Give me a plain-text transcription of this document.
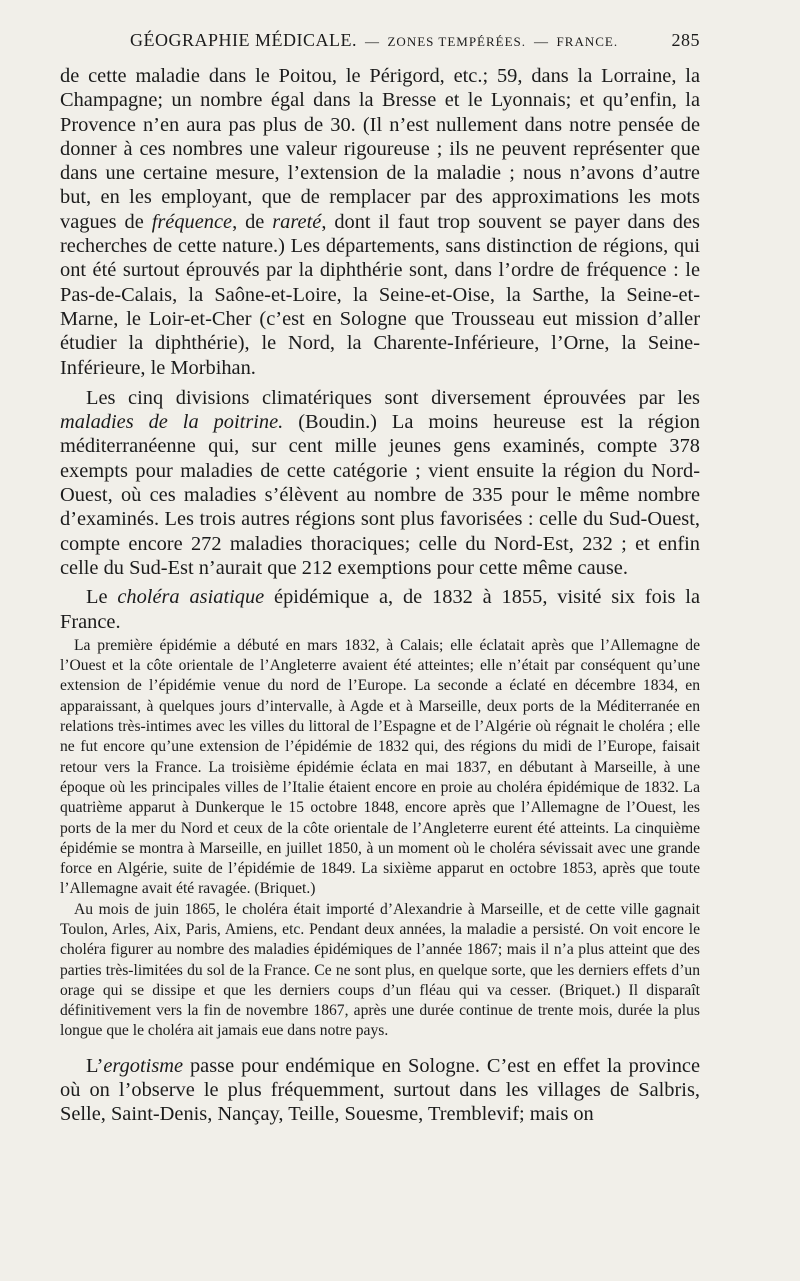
GÉOGRAPHIE MÉDICALE. — ZONES TEMPÉRÉES. — FRANCE.	285

de cette maladie dans le Poitou, le Périgord, etc.; 59, dans la Lorraine, la Champagne; un nombre égal dans la Bresse et le Lyonnais; et qu’enfin, la Provence n’en aura pas plus de 30. (Il n’est nullement dans notre pensée de donner à ces nombres une valeur rigoureuse ; ils ne peuvent représenter que dans une certaine mesure, l’extension de la maladie ; nous n’avons d’autre but, en les employant, que de remplacer par des approximations les mots vagues de fréquence, de rareté, dont il faut trop souvent se payer dans des recherches de cette nature.) Les départements, sans distinction de régions, qui ont été surtout éprouvés par la diphthérie sont, dans l’ordre de fréquence : le Pas-de-Calais, la Saône-et-Loire, la Seine-et-Oise, la Sarthe, la Seine-et-Marne, le Loir-et-Cher (c’est en Sologne que Trousseau eut mission d’aller étudier la diphthérie), le Nord, la Charente-Inférieure, l’Orne, la Seine-Inférieure, le Morbihan.

Les cinq divisions climatériques sont diversement éprouvées par les maladies de la poitrine. (Boudin.) La moins heureuse est la région méditerranéenne qui, sur cent mille jeunes gens examinés, compte 378 exempts pour maladies de cette catégorie ; vient ensuite la région du Nord-Ouest, où ces maladies s’élèvent au nombre de 335 pour le même nombre d’examinés. Les trois autres régions sont plus favorisées : celle du Sud-Ouest, compte encore 272 maladies thoraciques; celle du Nord-Est, 232 ; et enfin celle du Sud-Est n’aurait que 212 exemptions pour cette même cause.

Le choléra asiatique épidémique a, de 1832 à 1855, visité six fois la France.

La première épidémie a débuté en mars 1832, à Calais; elle éclatait après que l’Allemagne de l’Ouest et la côte orientale de l’Angleterre avaient été atteintes; elle n’était par conséquent qu’une extension de l’épidémie venue du nord de l’Europe. La seconde a éclaté en décembre 1834, en apparaissant, à quelques jours d’intervalle, à Agde et à Marseille, deux ports de la Méditerranée en relations très-intimes avec les villes du littoral de l’Espagne et de l’Algérie où régnait le choléra ; elle ne fut encore qu’une extension de l’épidémie de 1832 qui, des régions du midi de l’Europe, faisait retour vers la France. La troisième épidémie éclata en mai 1837, en débutant à Marseille, à une époque où les principales villes de l’Italie étaient encore en proie au choléra épidémique de 1832. La quatrième apparut à Dunkerque le 15 octobre 1848, encore après que l’Allemagne de l’Ouest, les ports de la mer du Nord et ceux de la côte orientale de l’Angleterre eurent été atteints. La cinquième épidémie se montra à Marseille, en juillet 1850, à un moment où le choléra sévissait avec une grande force en Algérie, suite de l’épidémie de 1849. La sixième apparut en octobre 1853, après que toute l’Allemagne avait été ravagée. (Briquet.)

Au mois de juin 1865, le choléra était importé d’Alexandrie à Marseille, et de cette ville gagnait Toulon, Arles, Aix, Paris, Amiens, etc. Pendant deux années, la maladie a persisté. On voit encore le choléra figurer au nombre des maladies épidémiques de l’année 1867; mais il n’a plus atteint que des parties très-limitées du sol de la France. Ce ne sont plus, en quelque sorte, que les derniers effets d’un orage qui se dissipe et que les derniers coups d’un fléau qui va cesser. (Briquet.) Il disparaît définitivement vers la fin de novembre 1867, après une durée continue de trente mois, durée la plus longue que le choléra ait jamais eue dans notre pays.

L’ergotisme passe pour endémique en Sologne. C’est en effet la province où on l’observe le plus fréquemment, surtout dans les villages de Salbris, Selle, Saint-Denis, Nançay, Teille, Souesme, Tremblevif; mais on
